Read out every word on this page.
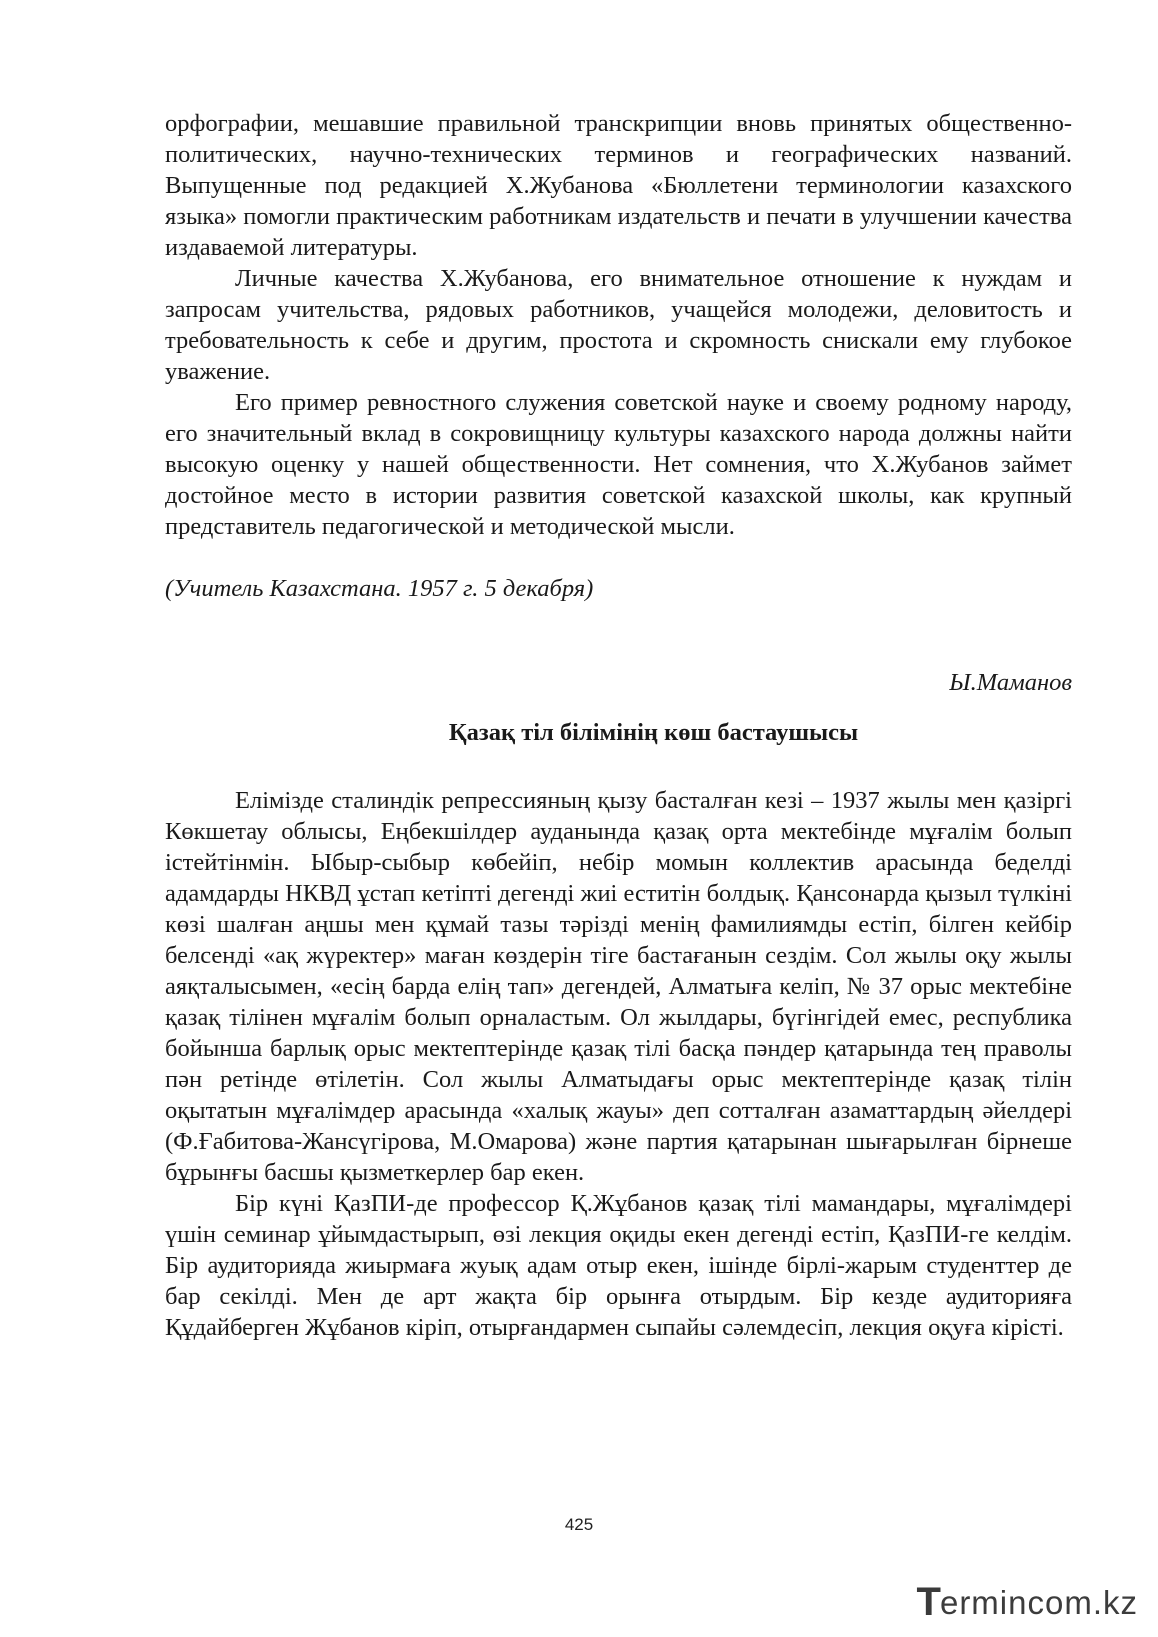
орфографии, мешавшие правильной транскрипции вновь принятых общественно-политических, научно-технических терминов и географических названий. Выпущенные под редакцией Х.Жубанова «Бюллетени терминологии казахского языка» помогли практическим работникам издательств и печати в улучшении качества издаваемой литературы.

Личные качества Х.Жубанова, его внимательное отношение к нуждам и запросам учительства, рядовых работников, учащейся молодежи, деловитость и требовательность к себе и другим, простота и скромность снискали ему глубокое уважение.

Его пример ревностного служения советской науке и своему родному народу, его значительный вклад в сокровищницу культуры казахского народа должны найти высокую оценку у нашей общественности. Нет сомнения, что Х.Жубанов займет достойное место в истории развития советской казахской школы, как крупный представитель педагогической и методической мысли.

(Учитель Казахстана. 1957 г. 5 декабря)

Ы.Маманов

Қазақ тіл білімінің көш бастаушысы

Елімізде сталиндік репрессияның қызу басталған кезі – 1937 жылы мен қазіргі Көкшетау облысы, Еңбекшілдер ауданында қазақ орта мектебінде мұғалім болып істейтінмін. Ыбыр-сыбыр көбейіп, небір момын коллектив арасында беделді адамдарды НКВД ұстап кетіпті дегенді жиі еститін болдық. Қансонарда қызыл түлкіні көзі шалған аңшы мен құмай тазы тәрізді менің фамилиямды естіп, білген кейбір белсенді «ақ жүректер» маған көздерін тіге бастағанын сездім. Сол жылы оқу жылы аяқталысымен, «есің барда елің тап» дегендей, Алматыға келіп, № 37 орыс мектебіне қазақ тілінен мұғалім болып орналастым. Ол жылдары, бүгінгідей емес, республика бойынша барлық орыс мектептерінде қазақ тілі басқа пәндер қатарында тең праволы пән ретінде өтілетін. Сол жылы Алматыдағы орыс мектептерінде қазақ тілін оқытатын мұғалімдер арасында «халық жауы» деп сотталған азаматтардың әйелдері (Ф.Ғабитова-Жансүгірова, М.Омарова) және партия қатарынан шығарылған бірнеше бұрынғы басшы қызметкерлер бар екен.

Бір күні ҚазПИ-де профессор Қ.Жұбанов қазақ тілі мамандары, мұғалімдері үшін семинар ұйымдастырып, өзі лекция оқиды екен дегенді естіп, ҚазПИ-ге келдім. Бір аудиторияда жиырмаға жуық адам отыр екен, ішінде бірлі-жарым студенттер де бар секілді. Мен де арт жақта бір орынға отырдым. Бір кезде аудиторияға Құдайберген Жұбанов кіріп, отырғандармен сыпайы сәлемдесіп, лекция оқуға кірісті.

425
T
ermincom.kz
